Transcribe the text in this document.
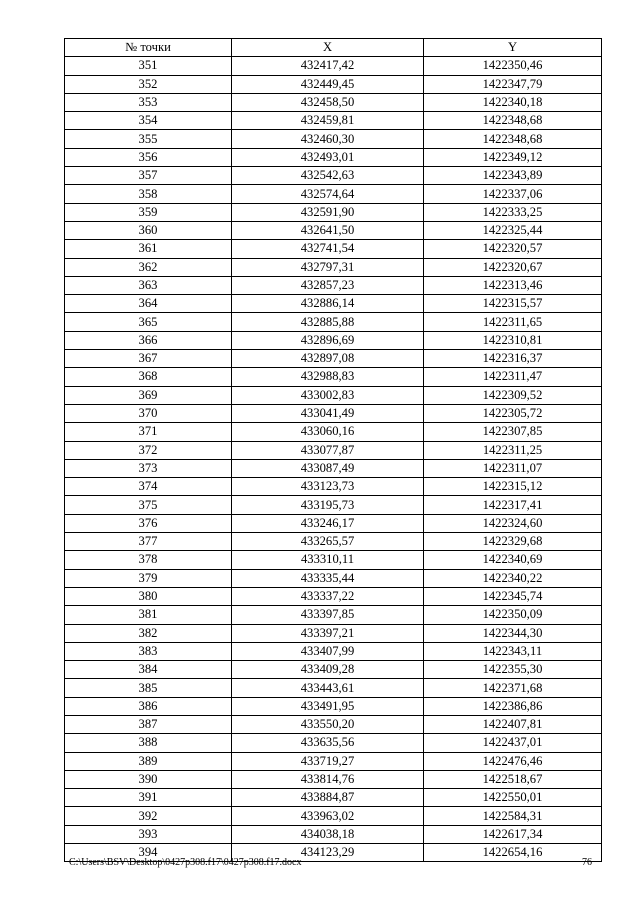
№ точки	X	Y
351	432417,42	1422350,46
352	432449,45	1422347,79
353	432458,50	1422340,18
354	432459,81	1422348,68
355	432460,30	1422348,68
356	432493,01	1422349,12
357	432542,63	1422343,89
358	432574,64	1422337,06
359	432591,90	1422333,25
360	432641,50	1422325,44
361	432741,54	1422320,57
362	432797,31	1422320,67
363	432857,23	1422313,46
364	432886,14	1422315,57
365	432885,88	1422311,65
366	432896,69	1422310,81
367	432897,08	1422316,37
368	432988,83	1422311,47
369	433002,83	1422309,52
370	433041,49	1422305,72
371	433060,16	1422307,85
372	433077,87	1422311,25
373	433087,49	1422311,07
374	433123,73	1422315,12
375	433195,73	1422317,41
376	433246,17	1422324,60
377	433265,57	1422329,68
378	433310,11	1422340,69
379	433335,44	1422340,22
380	433337,22	1422345,74
381	433397,85	1422350,09
382	433397,21	1422344,30
383	433407,99	1422343,11
384	433409,28	1422355,30
385	433443,61	1422371,68
386	433491,95	1422386,86
387	433550,20	1422407,81
388	433635,56	1422437,01
389	433719,27	1422476,46
390	433814,76	1422518,67
391	433884,87	1422550,01
392	433963,02	1422584,31
393	434038,18	1422617,34
394	434123,29	1422654,16
C:\Users\BSV\Desktop\0427p308.f17\0427p308.f17.docx	76
